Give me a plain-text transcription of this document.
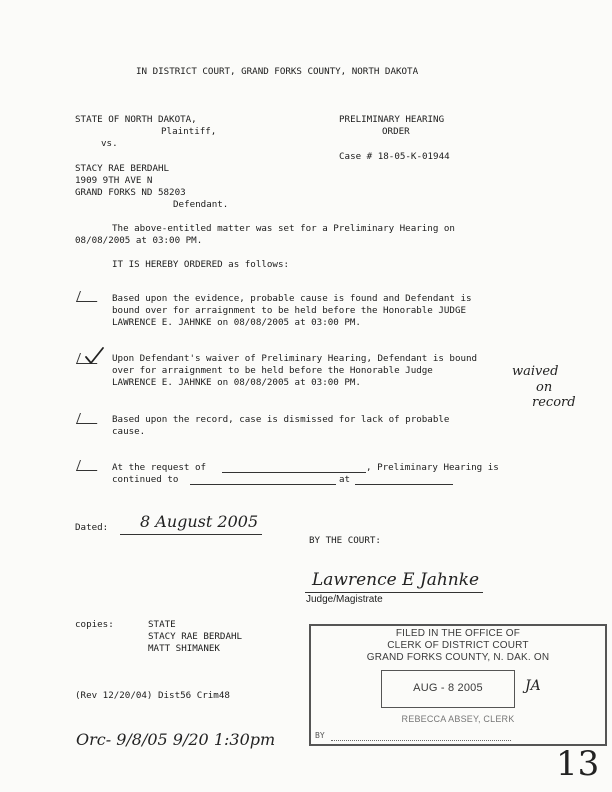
IN DISTRICT COURT, GRAND FORKS COUNTY, NORTH DAKOTA
STATE OF NORTH DAKOTA,
Plaintiff,
vs.
STACY RAE BERDAHL
1909 9TH AVE N
GRAND FORKS ND 58203
Defendant.
PRELIMINARY HEARING
ORDER
Case # 18-05-K-01944
The above-entitled matter was set for a Preliminary Hearing on
08/08/2005 at 03:00 PM.
IT IS HEREBY ORDERED as follows:
Based upon the evidence, probable cause is found and Defendant is
bound over for arraignment to be held before the Honorable JUDGE
LAWRENCE E. JAHNKE on 08/08/2005 at 03:00 PM.
Upon Defendant's waiver of Preliminary Hearing, Defendant is bound
over for arraignment to be held before the Honorable Judge
LAWRENCE E. JAHNKE on 08/08/2005 at 03:00 PM.
waived
on
record
Based upon the record, case is dismissed for lack of probable
cause.
At the request of	, Preliminary Hearing is
continued to	at
Dated: 8 August 2005
BY THE COURT:
Lawrence E Jahnke
Judge/Magistrate
copies:	STATE
STACY RAE BERDAHL
MATT SHIMANEK
(Rev 12/20/04) Dist56 Crim48
Orc- 9/8/05 9/20 1:30pm
13
FILED IN THE OFFICE OF
CLERK OF DISTRICT COURT
GRAND FORKS COUNTY, N. DAK. ON
AUG - 8 2005	JA
REBECCA ABSEY, CLERK
BY
